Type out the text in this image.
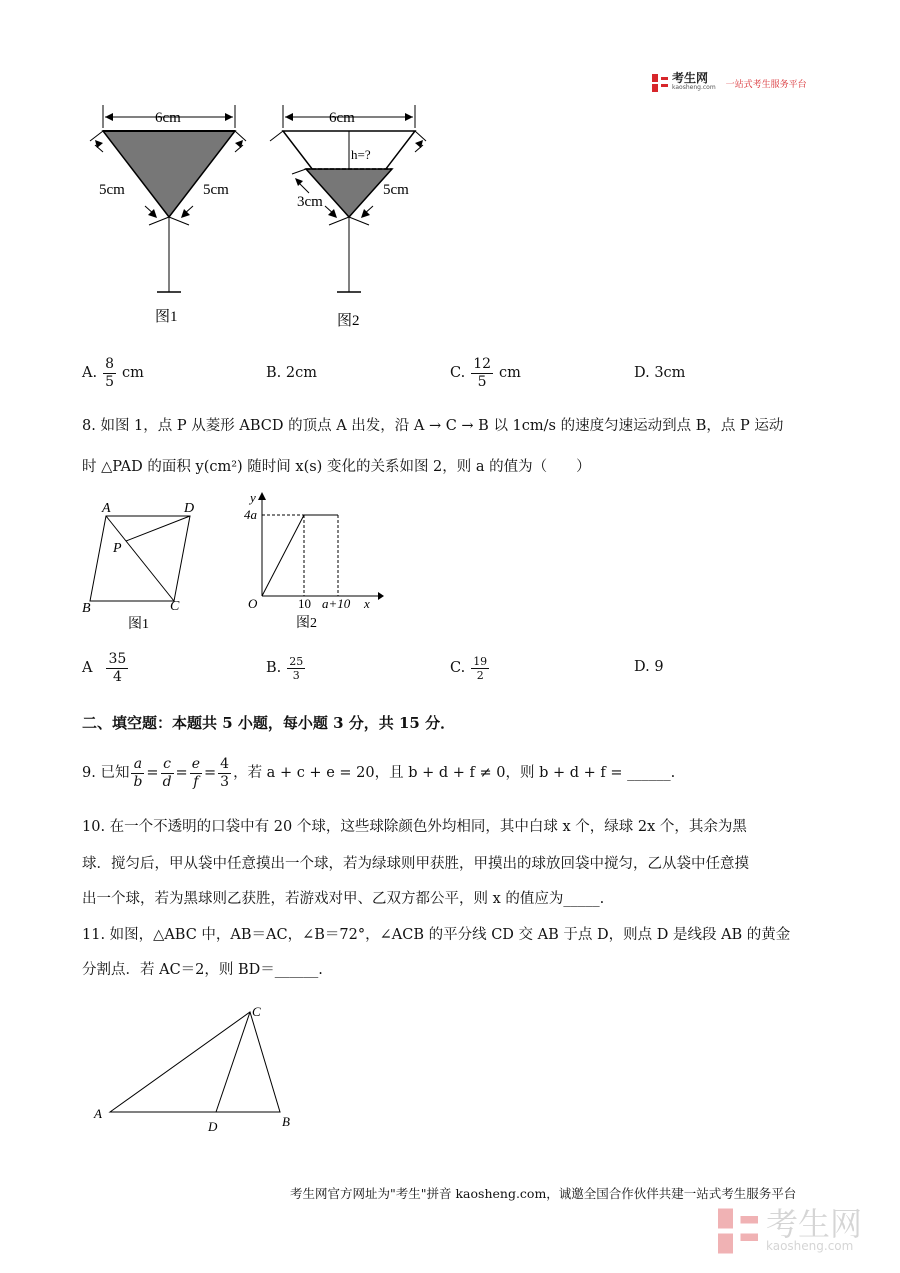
考生网
kaosheng.com 一站式考生服务平台
6cm
5cm	5cm
图1
6cm
h=?
3cm
5cm
图2
A. $\frac{8}{5}$ cm	B. 2cm	C. $\frac{12}{5}$ cm	D. 3cm
8. 如图 1，点 P 从菱形 ABCD 的顶点 A 出发，沿 A → C → B 以 1cm/s 的速度匀速运动到点 B，点 P 运动
时 △PAD 的面积 y(cm²) 随时间 x(s) 变化的关系如图 2，则 a 的值为（　　）
A	D
P
B	C
图1
y
x
O
4a
10 a+10
图2
A $\frac{35}{4}$	B. $\frac{25}{3}$	C. $\frac{19}{2}$	D. 9
二、填空题：本题共 5 小题，每小题 3 分，共 15 分．
9. 已知 $\frac{a}{b} = \frac{c}{d} = \frac{e}{f} = \frac{4}{3}$ ，若 a + c + e = 20，且 b + d + f ≠ 0，则 b + d + f = ______.
10. 在一个不透明的口袋中有 20 个球，这些球除颜色外均相同，其中白球 x 个，绿球 2x 个，其余为黑
球．搅匀后，甲从袋中任意摸出一个球，若为绿球则甲获胜，甲摸出的球放回袋中搅匀，乙从袋中任意摸
出一个球，若为黑球则乙获胜，若游戏对甲、乙双方都公平，则 x 的值应为_____.
11. 如图，△ABC 中，AB＝AC，∠B＝72°，∠ACB 的平分线 CD 交 AB 于点 D，则点 D 是线段 AB 的黄金
分割点．若 AC＝2，则 BD＝______.
A
C
D	B
考生网官方网址为"考生"拼音 kaosheng.com，诚邀全国合作伙伴共建一站式考生服务平台
考生网
kaosheng.com
